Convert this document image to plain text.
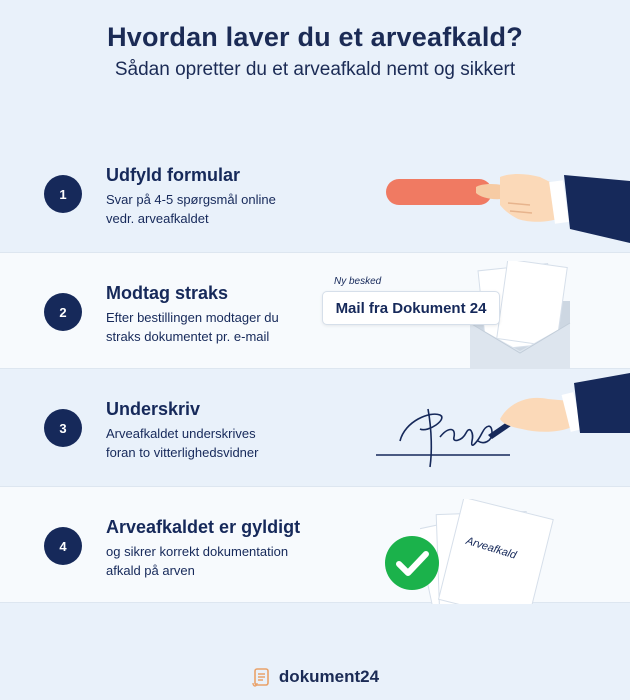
Hvordan laver du et arveafkald?
Sådan opretter du et arveafkald nemt og sikkert
1
Udfyld formular
Svar på 4-5 spørgsmål online
vedr. arveafkaldet
2
Modtag straks
Efter bestillingen modtager du
straks dokumentet pr. e-mail
Ny besked
Mail fra Dokument 24
3
Underskriv
Arveafkaldet underskrives
foran to vitterlighedsvidner
4
Arveafkaldet er gyldigt
og sikrer korrekt dokumentation
afkald på arven
Arveafkald
dokument24
